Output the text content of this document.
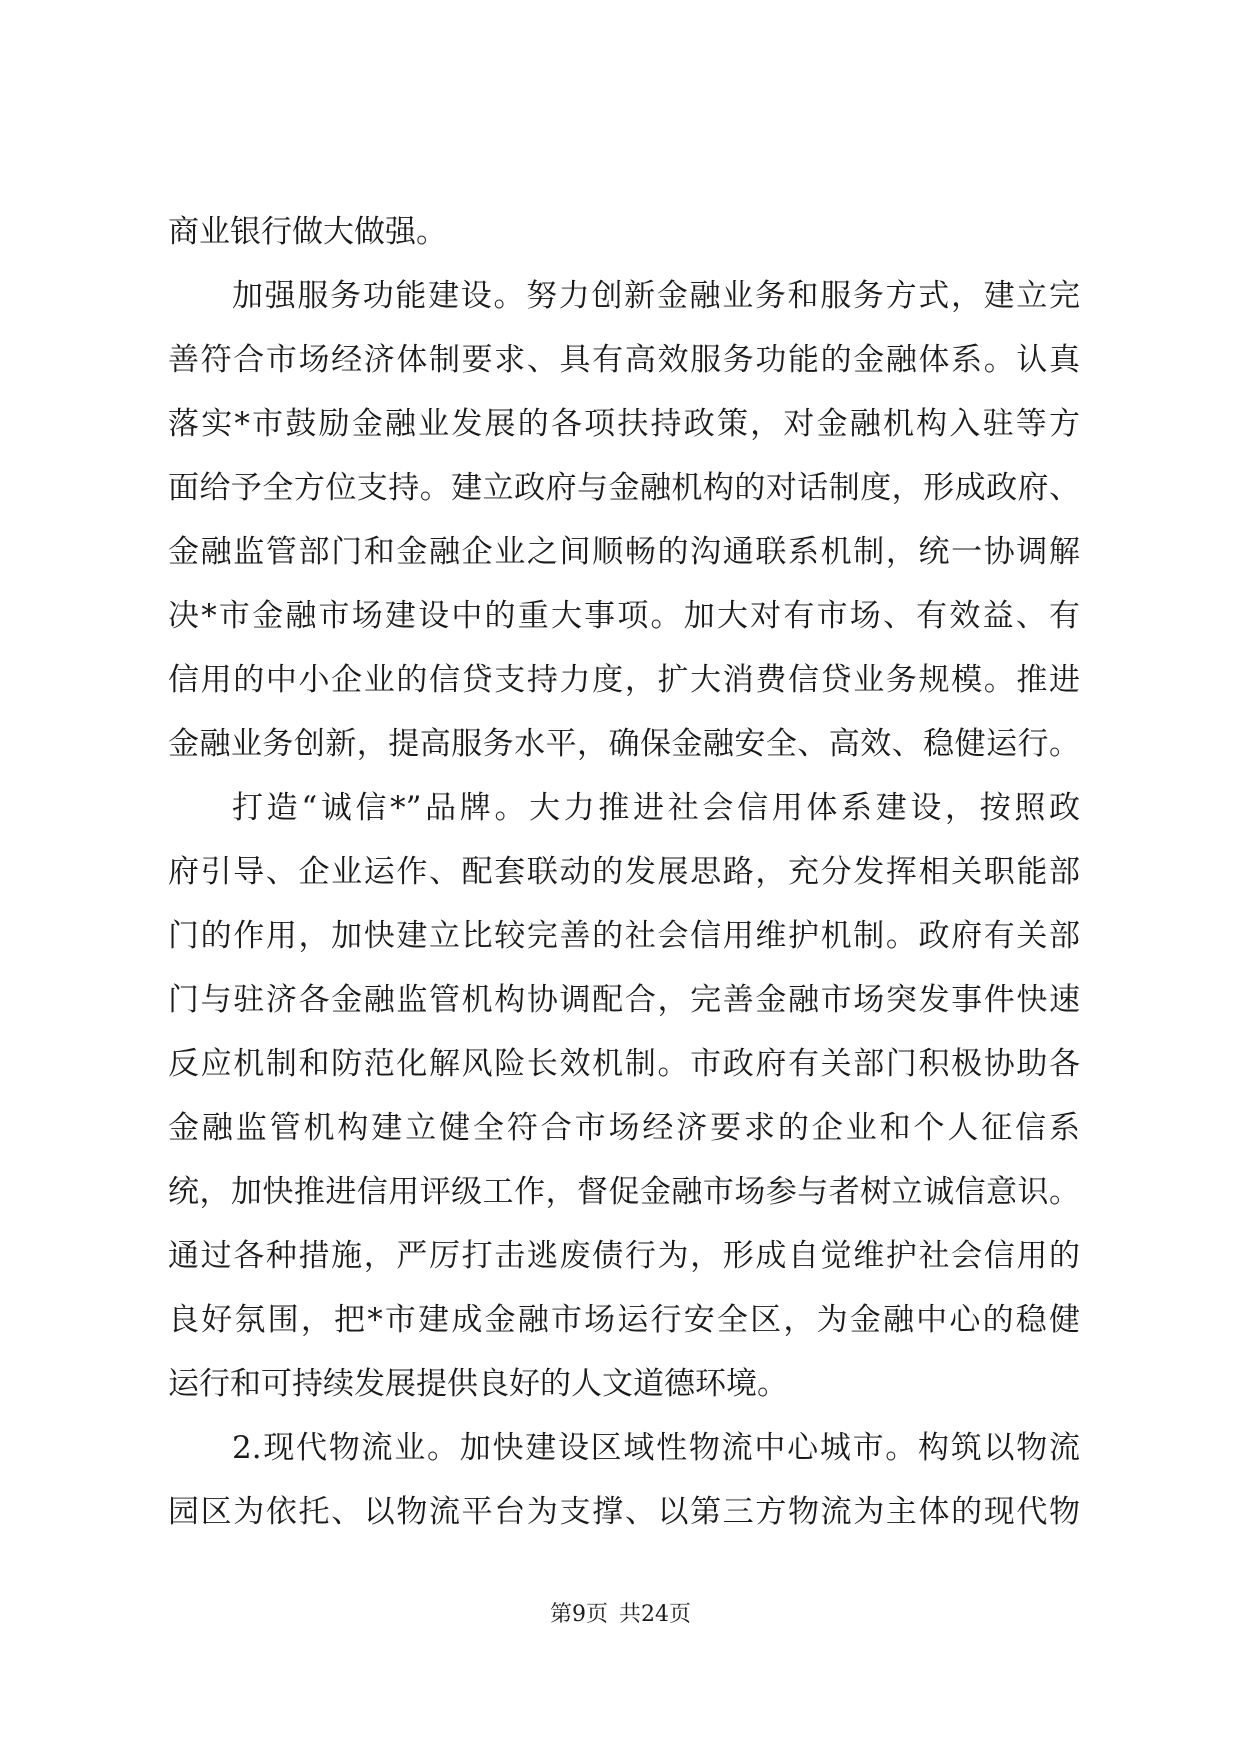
商业银行做大做强。
加强服务功能建设。努力创新金融业务和服务方式，建立完
善符合市场经济体制要求、具有高效服务功能的金融体系。认真
落实*市鼓励金融业发展的各项扶持政策，对金融机构入驻等方
面给予全方位支持。建立政府与金融机构的对话制度，形成政府、
金融监管部门和金融企业之间顺畅的沟通联系机制，统一协调解
决*市金融市场建设中的重大事项。加大对有市场、有效益、有
信用的中小企业的信贷支持力度，扩大消费信贷业务规模。推进
金融业务创新，提高服务水平，确保金融安全、高效、稳健运行。
打造“诚信*”品牌。大力推进社会信用体系建设，按照政
府引导、企业运作、配套联动的发展思路，充分发挥相关职能部
门的作用，加快建立比较完善的社会信用维护机制。政府有关部
门与驻济各金融监管机构协调配合，完善金融市场突发事件快速
反应机制和防范化解风险长效机制。市政府有关部门积极协助各
金融监管机构建立健全符合市场经济要求的企业和个人征信系
统，加快推进信用评级工作，督促金融市场参与者树立诚信意识。
通过各种措施，严厉打击逃废债行为，形成自觉维护社会信用的
良好氛围，把*市建成金融市场运行安全区，为金融中心的稳健
运行和可持续发展提供良好的人文道德环境。
2.现代物流业。加快建设区域性物流中心城市。构筑以物流
园区为依托、以物流平台为支撑、以第三方物流为主体的现代物
第9页 共24页
